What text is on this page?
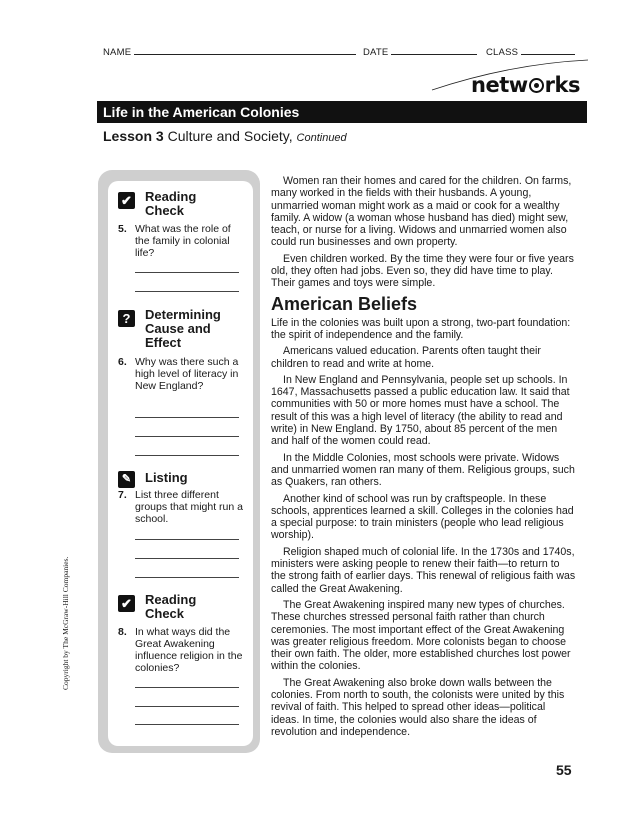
NAME	DATE	CLASS
netw rks
Life in the American Colonies
Lesson 3 Culture and Society, Continued
✔ Reading
Check
5. What was the role of the family in colonial life?
?	Determining
Cause and
Effect
6. Why was there such a high level of literacy in New England?
✎ Listing
7. List three different groups that might run a school.
✔ Reading
Check
8. In what ways did the Great Awakening influence religion in the colonies?

Women ran their homes and cared for the children. On farms, many worked in the fields with their husbands. A young, unmarried woman might work as a maid or cook for a wealthy family. A widow (a woman whose husband has died) might sew, teach, or nurse for a living. Widows and unmarried women also could run businesses and own property.

Even children worked. By the time they were four or five years old, they often had jobs. Even so, they did have time to play. Their games and toys were simple.

American Beliefs

Life in the colonies was built upon a strong, two-part foundation: the spirit of independence and the family.

Americans valued education. Parents often taught their children to read and write at home.

In New England and Pennsylvania, people set up schools. In 1647, Massachusetts passed a public education law. It said that communities with 50 or more homes must have a school. The result of this was a high level of literacy (the ability to read and write) in New England. By 1750, about 85 percent of the men and half of the women could read.

In the Middle Colonies, most schools were private. Widows and unmarried women ran many of them. Religious groups, such as Quakers, ran others.

Another kind of school was run by craftspeople. In these schools, apprentices learned a skill. Colleges in the colonies had a special purpose: to train ministers (people who lead religious worship).

Religion shaped much of colonial life. In the 1730s and 1740s, ministers were asking people to renew their faith—to return to the strong faith of earlier days. This renewal of religious faith was called the Great Awakening.

The Great Awakening inspired many new types of churches. These churches stressed personal faith rather than church ceremonies. The most important effect of the Great Awakening was greater religious freedom. More colonists began to choose their own faith. The older, more established churches lost power within the colonies.

The Great Awakening also broke down walls between the colonies. From north to south, the colonists were united by this revival of faith. This helped to spread other ideas—political ideas. In time, the colonies would also share the ideas of revolution and independence.

Copyright by The McGraw-Hill Companies.
55
